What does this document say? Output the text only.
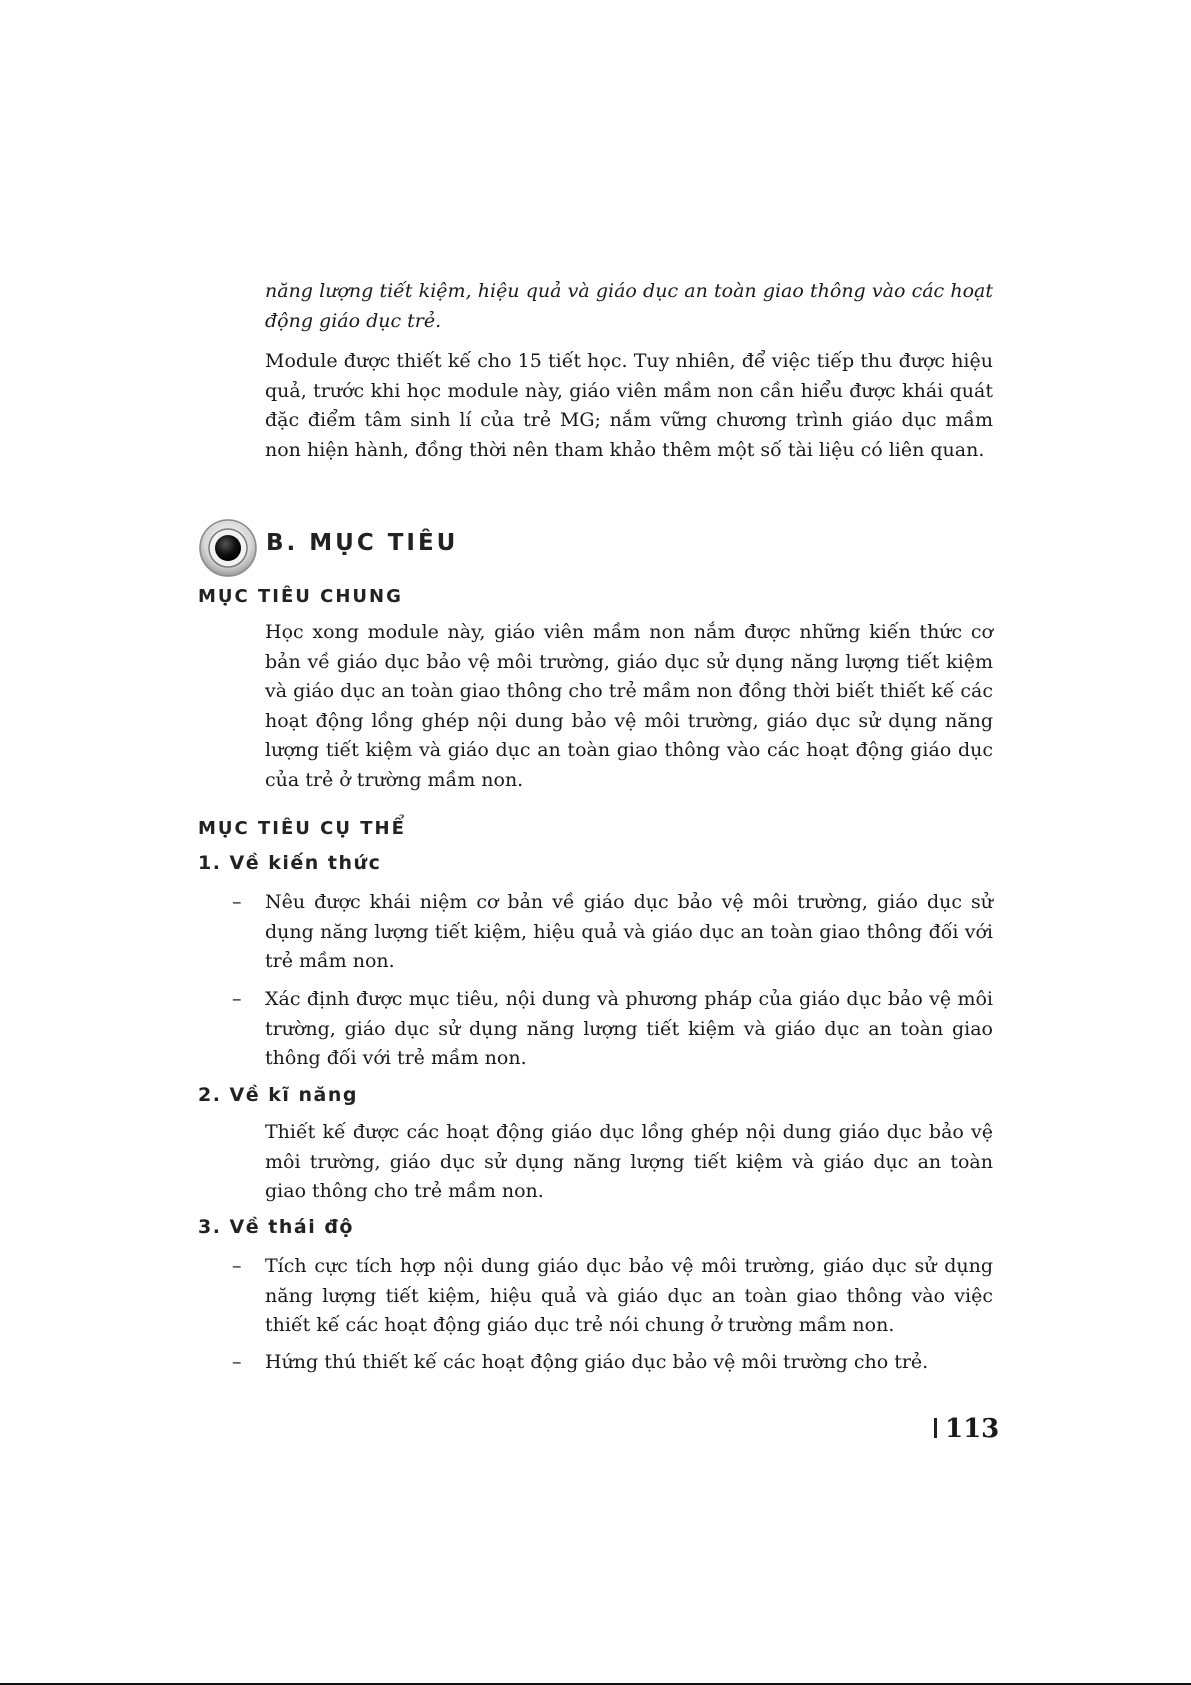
năng lượng tiết kiệm, hiệu quả và giáo dục an toàn giao thông vào các hoạt động giáo dục trẻ.

Module được thiết kế cho 15 tiết học. Tuy nhiên, để việc tiếp thu được hiệu quả, trước khi học module này, giáo viên mầm non cần hiểu được khái quát đặc điểm tâm sinh lí của trẻ MG; nắm vững chương trình giáo dục mầm non hiện hành, đồng thời nên tham khảo thêm một số tài liệu có liên quan.

B. MỤC TIÊU
MỤC TIÊU CHUNG

Học xong module này, giáo viên mầm non nắm được những kiến thức cơ bản về giáo dục bảo vệ môi trường, giáo dục sử dụng năng lượng tiết kiệm và giáo dục an toàn giao thông cho trẻ mầm non đồng thời biết thiết kế các hoạt động lồng ghép nội dung bảo vệ môi trường, giáo dục sử dụng năng lượng tiết kiệm và giáo dục an toàn giao thông vào các hoạt động giáo dục của trẻ ở trường mầm non.

MỤC TIÊU CỤ THỂ
1. Về kiến thức
–	Nêu được khái niệm cơ bản về giáo dục bảo vệ môi trường, giáo dục sử dụng năng lượng tiết kiệm, hiệu quả và giáo dục an toàn giao thông đối với trẻ mầm non.

–	Xác định được mục tiêu, nội dung và phương pháp của giáo dục bảo vệ môi trường, giáo dục sử dụng năng lượng tiết kiệm và giáo dục an toàn giao thông đối với trẻ mầm non.

2. Về kĩ năng

Thiết kế được các hoạt động giáo dục lồng ghép nội dung giáo dục bảo vệ môi trường, giáo dục sử dụng năng lượng tiết kiệm và giáo dục an toàn giao thông cho trẻ mầm non.

3. Về thái độ
–	Tích cực tích hợp nội dung giáo dục bảo vệ môi trường, giáo dục sử dụng năng lượng tiết kiệm, hiệu quả và giáo dục an toàn giao thông vào việc thiết kế các hoạt động giáo dục trẻ nói chung ở trường mầm non.

–	Hứng thú thiết kế các hoạt động giáo dục bảo vệ môi trường cho trẻ.

113
